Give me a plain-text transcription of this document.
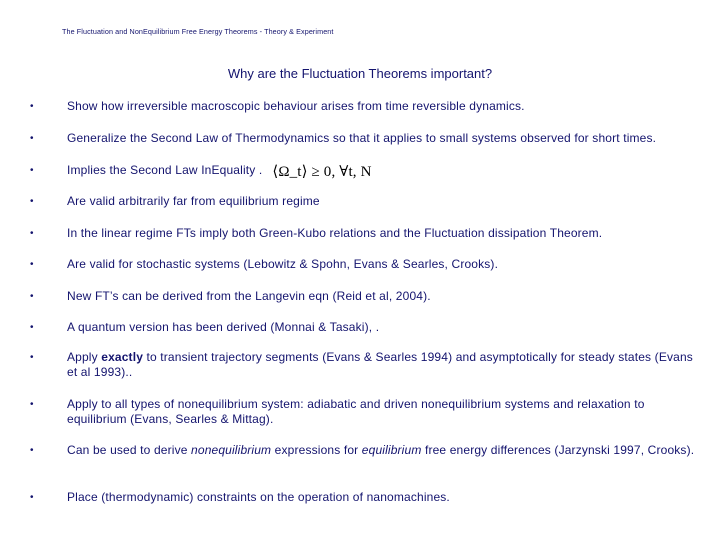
The Fluctuation and NonEquilibrium Free Energy Theorems - Theory & Experiment
Why are the Fluctuation Theorems important?
•	Show how irreversible macroscopic behaviour arises from time reversible dynamics.
•	Generalize the Second Law of Thermodynamics so that it applies to small systems observed for short times.
•	Implies the Second Law InEquality . ⟨Ω_t⟩ ≥ 0, ∀t, N
•	Are valid arbitrarily far from equilibrium regime
•	In the linear regime FTs imply both Green-Kubo relations and the Fluctuation dissipation Theorem.
•	Are valid for stochastic systems (Lebowitz & Spohn, Evans & Searles, Crooks).
•	New FT’s can be derived from the Langevin eqn (Reid et al, 2004).
•	A quantum version has been derived (Monnai & Tasaki), .
•	Apply exactly to transient trajectory segments (Evans & Searles 1994) and asymptotically for steady states (Evans et al 1993)..
•	Apply to all types of nonequilibrium system: adiabatic and driven nonequilibrium systems and relaxation to equilibrium (Evans, Searles & Mittag).
•	Can be used to derive nonequilibrium expressions for equilibrium free energy differences (Jarzynski 1997, Crooks).
•	Place (thermodynamic) constraints on the operation of nanomachines.
